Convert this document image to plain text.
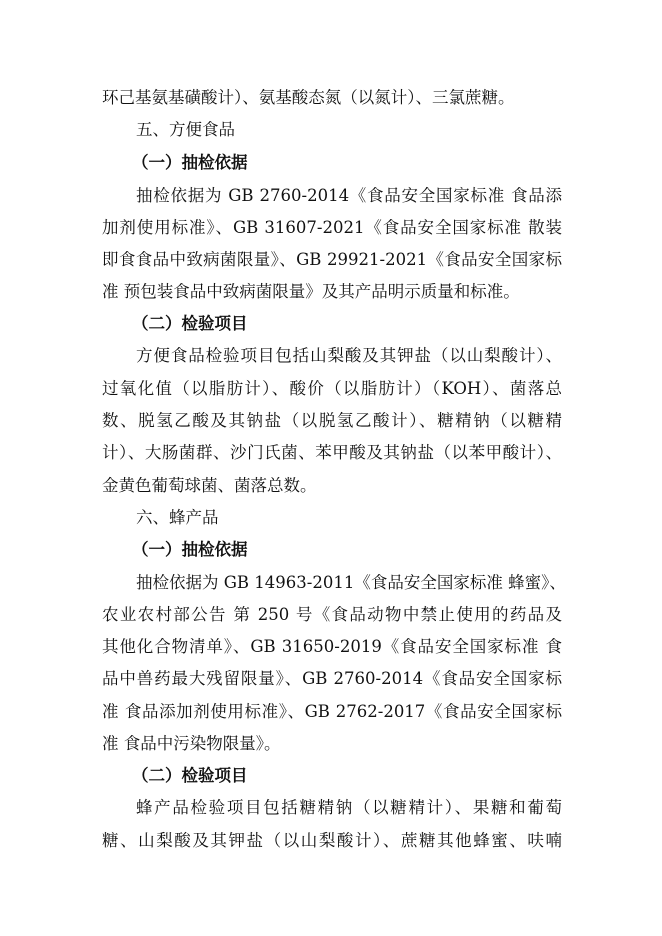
环己基氨基磺酸计）、氨基酸态氮（以氮计）、三氯蔗糖。
五、方便食品
（一）抽检依据
抽检依据为 GB 2760-2014《食品安全国家标准 食品添
加剂使用标准》、GB 31607-2021《食品安全国家标准 散装
即食食品中致病菌限量》、GB 29921-2021《食品安全国家标
准 预包装食品中致病菌限量》及其产品明示质量和标准。
（二）检验项目
方便食品检验项目包括山梨酸及其钾盐（以山梨酸计）、
过氧化值（以脂肪计）、酸价（以脂肪计）（KOH）、菌落总
数、脱氢乙酸及其钠盐（以脱氢乙酸计）、糖精钠（以糖精
计）、大肠菌群、沙门氏菌、苯甲酸及其钠盐（以苯甲酸计）、
金黄色葡萄球菌、菌落总数。
六、蜂产品
（一）抽检依据
抽检依据为 GB 14963-2011《食品安全国家标准 蜂蜜》、
农业农村部公告 第 250 号《食品动物中禁止使用的药品及
其他化合物清单》、GB 31650-2019《食品安全国家标准 食
品中兽药最大残留限量》、GB 2760-2014《食品安全国家标
准 食品添加剂使用标准》、GB 2762-2017《食品安全国家标
准 食品中污染物限量》。
（二）检验项目
蜂产品检验项目包括糖精钠（以糖精计）、果糖和葡萄
糖、山梨酸及其钾盐（以山梨酸计）、蔗糖其他蜂蜜、呋喃
